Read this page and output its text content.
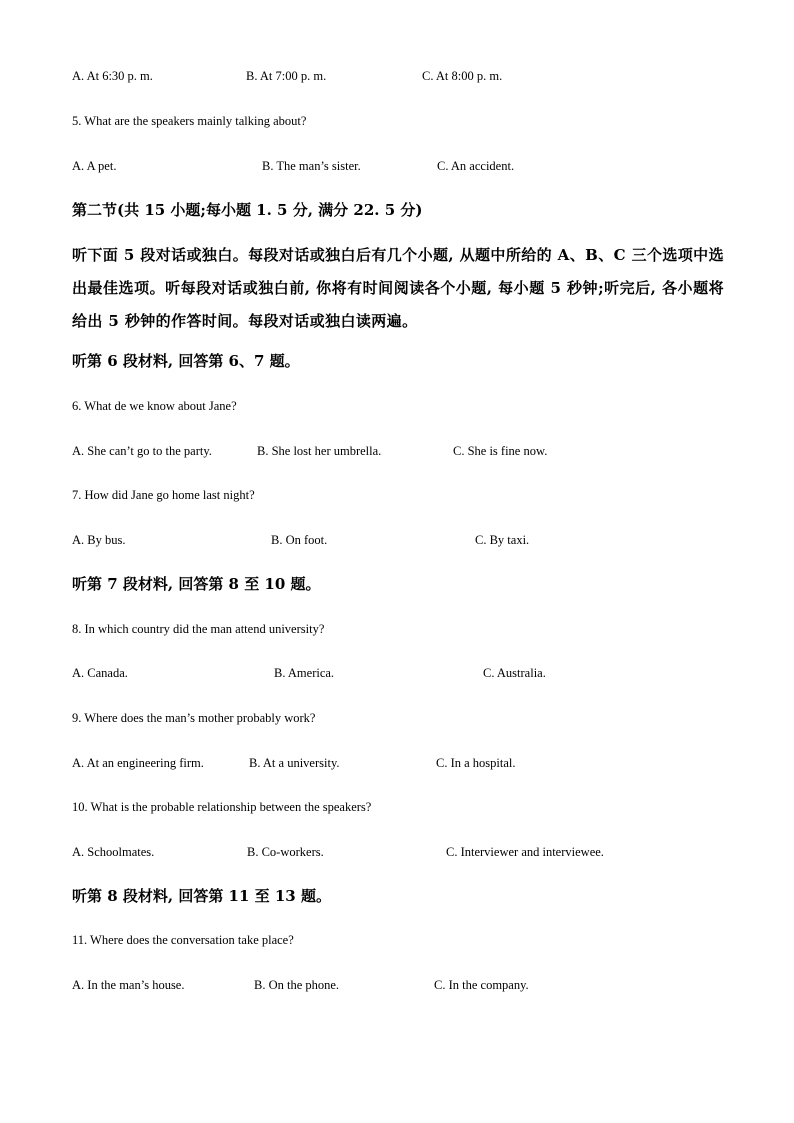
A. At 6:30 p. m.	B. At 7:00 p. m.	C. At 8:00 p. m.
5. What are the speakers mainly talking about?
A. A pet.	B. The man’s sister.	C. An accident.
第二节(共 15 小题;每小题 1. 5 分, 满分 22. 5 分)
听下面 5 段对话或独白。每段对话或独白后有几个小题, 从题中所给的 A、B、C 三个选项中选出最佳选项。听每段对话或独白前, 你将有时间阅读各个小题, 每小题 5 秒钟;听完后, 各小题将给出 5 秒钟的作答时间。每段对话或独白读两遍。
听第 6 段材料, 回答第 6、7 题。
6. What de we know about Jane?
A. She can’t go to the party.	B. She lost her umbrella.	C. She is fine now.
7. How did Jane go home last night?
A. By bus.	B. On foot.	C. By taxi.
听第 7 段材料, 回答第 8 至 10 题。
8. In which country did the man attend university?
A. Canada.	B. America.	C. Australia.
9. Where does the man’s mother probably work?
A. At an engineering firm.	B. At a university.	C. In a hospital.
10. What is the probable relationship between the speakers?
A. Schoolmates.	B. Co-workers.	C. Interviewer and interviewee.
听第 8 段材料, 回答第 11 至 13 题。
11. Where does the conversation take place?
A. In the man’s house.	B. On the phone.	C. In the company.
